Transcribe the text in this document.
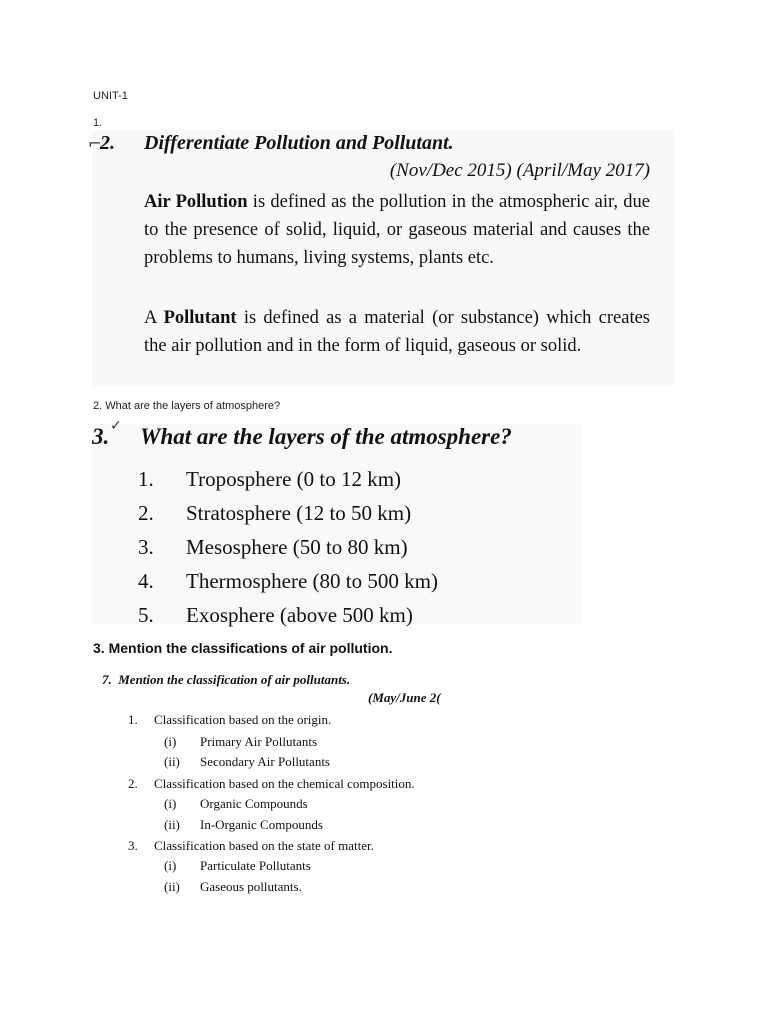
UNIT-1
1.
⌐
2. Differentiate Pollution and Pollutant.
(Nov/Dec 2015) (April/May 2017)
Air Pollution is defined as the pollution in the atmospheric air, due to the presence of solid, liquid, or gaseous material and causes the problems to humans, living systems, plants etc.
A Pollutant is defined as a material (or substance) which creates the air pollution and in the form of liquid, gaseous or solid.
2. What are the layers of atmosphere?
3. What are the layers of the atmosphere?
✓
1. Troposphere (0 to 12 km)
2. Stratosphere (12 to 50 km)
3. Mesosphere (50 to 80 km)
4. Thermosphere (80 to 500 km)
5. Exosphere (above 500 km)
3. Mention the classifications of air pollution.
7. Mention the classification of air pollutants.
(May/June 2(
1. Classification based on the origin.
(i) Primary Air Pollutants
(ii) Secondary Air Pollutants
2. Classification based on the chemical composition.
(i) Organic Compounds
(ii) In-Organic Compounds
3. Classification based on the state of matter.
(i) Particulate Pollutants
(ii) Gaseous pollutants.
